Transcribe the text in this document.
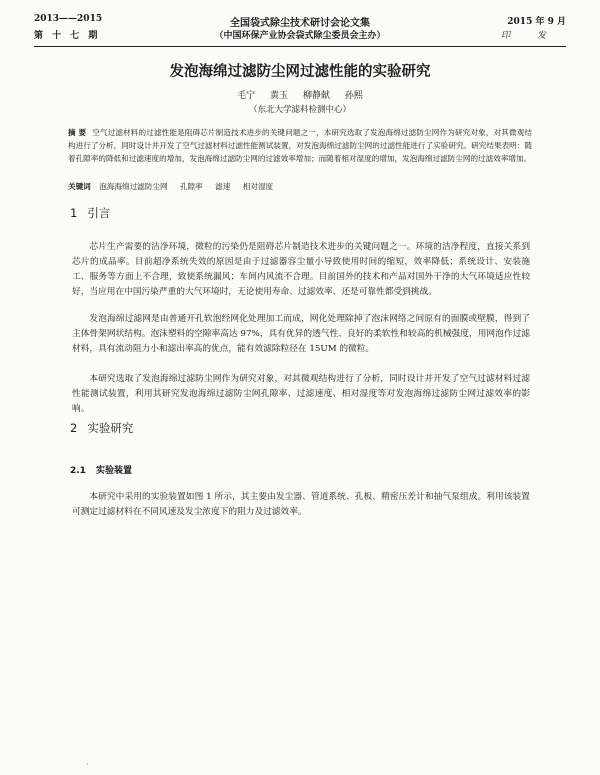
2013——2015
第 十 七 期
全国袋式除尘技术研讨会论文集
（中国环保产业协会袋式除尘委员会主办）
2015 年 9 月
印 发
发泡海绵过滤防尘网过滤性能的实验研究
毛宁 黄玉 柳静献 孙熙
（东北大学滤料检测中心）
摘 要 空气过滤材料的过滤性能是阻碍芯片制造技术进步的关键问题之一，本研究选取了发泡海绵过滤防尘网作为研究对象，对其微观结构进行了分析，同时设计并开发了空气过滤材料过滤性能测试装置，对发泡海绵过滤防尘网的过滤性能进行了实验研究。研究结果表明：随着孔隙率的降低和过滤速度的增加，发泡海绵过滤防尘网的过滤效率增加；而随着相对湿度的增加，发泡海绵过滤防尘网的过滤效率增加。
关键词 泡海海绵过滤防尘网 孔隙率 滤速 相对湿度
1 引言
芯片生产需要的洁净环境，微粒的污染仍是阻碍芯片制造技术进步的关键问题之一。环境的洁净程度，直接关系到芯片的成品率。目前超净系统失效的原因是由于过滤器容尘量小导致使用时间的缩短，效率降低；系统设计、安装施工、服务等方面上不合理，致使系统漏风；车间内风流不合理。目前国外的技术和产品对国外干净的大气环境适应性较好，当应用在中国污染严重的大气环境时，无论使用寿命、过滤效率、还是可靠性都受到挑战。
发泡海绵过滤网是由普通开孔软泡经网化处理加工而成，网化处理除掉了泡沫网络之间原有的面膜或壁膜，得到了主体骨架网状结构。泡沫塑料的空隙率高达 97%，具有优异的透气性、良好的柔软性和较高的机械强度，用网泡作过滤材料，具有流动阻力小和滤出率高的优点，能有效滤除粒径在 15UM 的微粒。
本研究选取了发泡海绵过滤防尘网作为研究对象，对其微观结构进行了分析，同时设计并开发了空气过滤材料过滤性能测试装置，利用其研究发泡海绵过滤防尘网孔隙率、过滤速度、相对湿度等对发泡海绵过滤防尘网过滤效率的影响。
2 实验研究
2.1 实验装置
本研究中采用的实验装置如图 1 所示，其主要由发尘器、管道系统、孔板、精密压差计和抽气泵组成。利用该装置可测定过滤材料在不同风速及发尘浓度下的阻力及过滤效率。
·
